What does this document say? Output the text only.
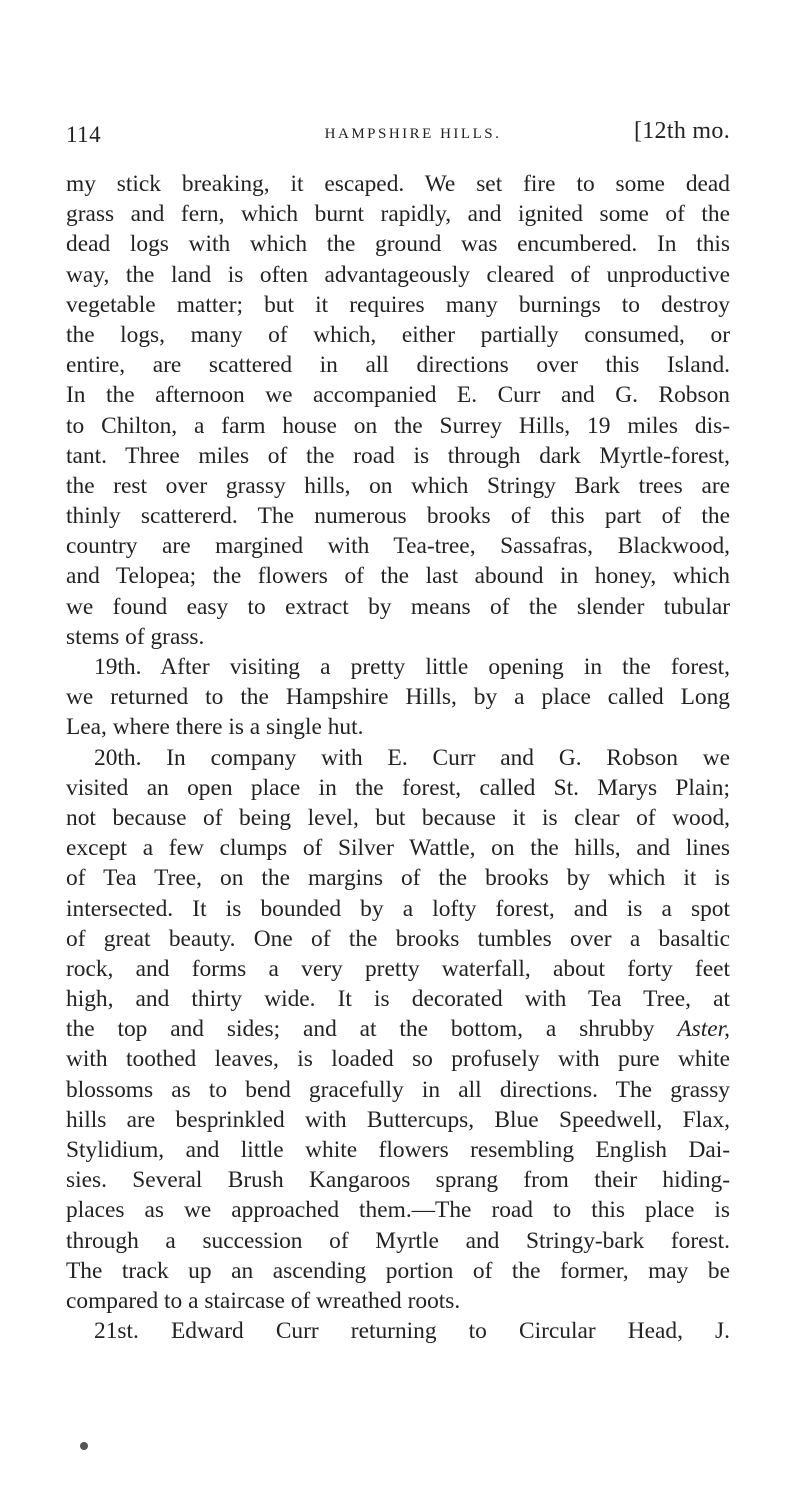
114	HAMPSHIRE HILLS.	[12th mo.
my stick breaking, it escaped. We set fire to some dead
grass and fern, which burnt rapidly, and ignited some of the
dead logs with which the ground was encumbered. In this
way, the land is often advantageously cleared of unproductive
vegetable matter; but it requires many burnings to destroy
the logs, many of which, either partially consumed, or
entire, are scattered in all directions over this Island.
In the afternoon we accompanied E. Curr and G. Robson
to Chilton, a farm house on the Surrey Hills, 19 miles dis-
tant. Three miles of the road is through dark Myrtle-forest,
the rest over grassy hills, on which Stringy Bark trees are
thinly scattererd. The numerous brooks of this part of the
country are margined with Tea-tree, Sassafras, Blackwood,
and Telopea; the flowers of the last abound in honey, which
we found easy to extract by means of the slender tubular
stems of grass.
19th. After visiting a pretty little opening in the forest,
we returned to the Hampshire Hills, by a place called Long
Lea, where there is a single hut.
20th. In company with E. Curr and G. Robson we
visited an open place in the forest, called St. Marys Plain;
not because of being level, but because it is clear of wood,
except a few clumps of Silver Wattle, on the hills, and lines
of Tea Tree, on the margins of the brooks by which it is
intersected. It is bounded by a lofty forest, and is a spot
of great beauty. One of the brooks tumbles over a basaltic
rock, and forms a very pretty waterfall, about forty feet
high, and thirty wide. It is decorated with Tea Tree, at
the top and sides; and at the bottom, a shrubby Aster,
with toothed leaves, is loaded so profusely with pure white
blossoms as to bend gracefully in all directions. The grassy
hills are besprinkled with Buttercups, Blue Speedwell, Flax,
Stylidium, and little white flowers resembling English Dai-
sies. Several Brush Kangaroos sprang from their hiding-
places as we approached them.—The road to this place is
through a succession of Myrtle and Stringy-bark forest.
The track up an ascending portion of the former, may be
compared to a staircase of wreathed roots.
21st. Edward Curr returning to Circular Head, J.
